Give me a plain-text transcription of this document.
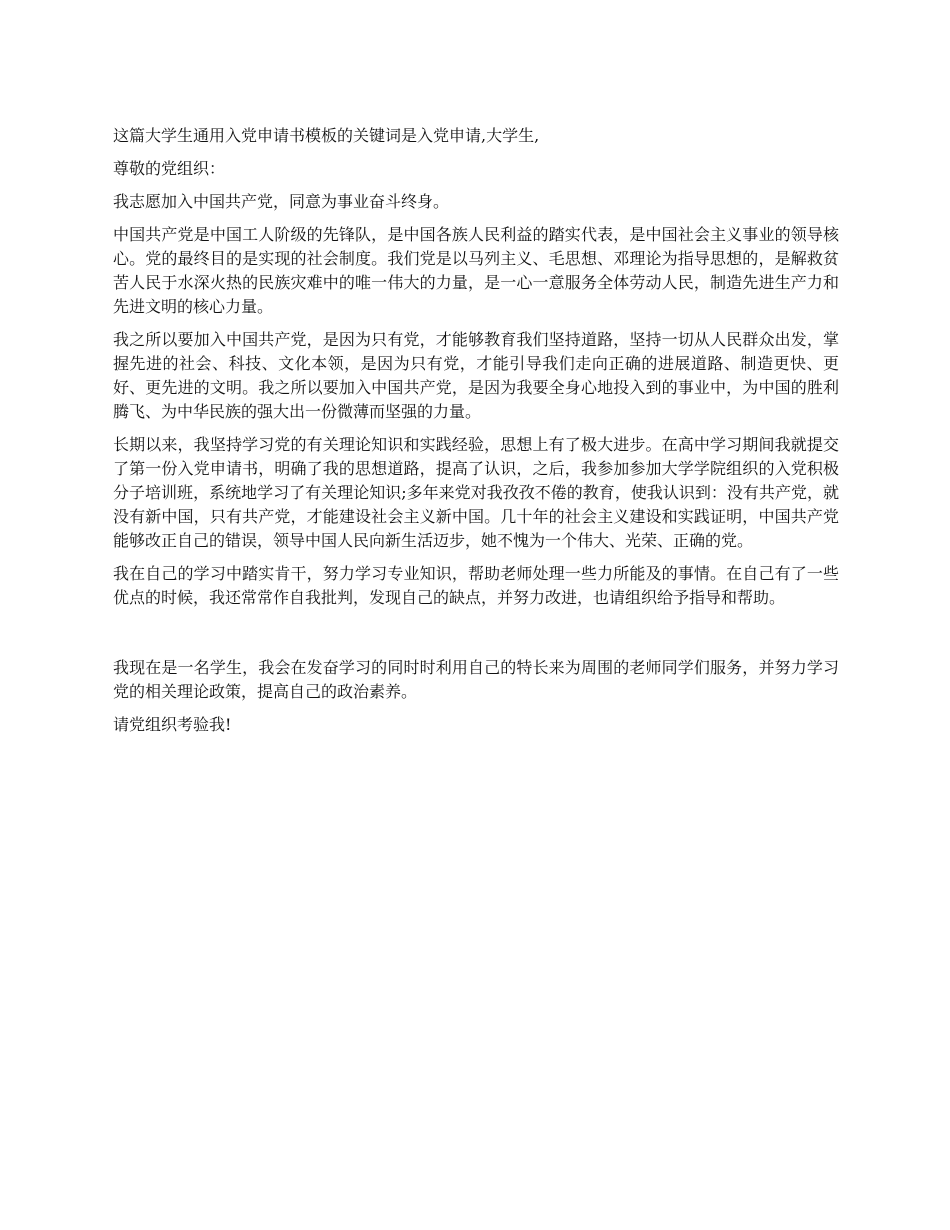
这篇大学生通用入党申请书模板的关键词是入党申请,大学生,

尊敬的党组织：

我志愿加入中国共产党，同意为事业奋斗终身。

中国共产党是中国工人阶级的先锋队，是中国各族人民利益的踏实代表，是中国社会主义事业的领导核心。党的最终目的是实现的社会制度。我们党是以马列主义、毛思想、邓理论为指导思想的，是解救贫苦人民于水深火热的民族灾难中的唯一伟大的力量，是一心一意服务全体劳动人民，制造先进生产力和先进文明的核心力量。

我之所以要加入中国共产党，是因为只有党，才能够教育我们坚持道路，坚持一切从人民群众出发，掌握先进的社会、科技、文化本领，是因为只有党，才能引导我们走向正确的进展道路、制造更快、更好、更先进的文明。我之所以要加入中国共产党，是因为我要全身心地投入到的事业中，为中国的胜利腾飞、为中华民族的强大出一份微薄而坚强的力量。

长期以来，我坚持学习党的有关理论知识和实践经验，思想上有了极大进步。在高中学习期间我就提交了第一份入党申请书，明确了我的思想道路，提高了认识，之后，我参加参加大学学院组织的入党积极分子培训班，系统地学习了有关理论知识;多年来党对我孜孜不倦的教育，使我认识到：没有共产党，就没有新中国，只有共产党，才能建设社会主义新中国。几十年的社会主义建设和实践证明，中国共产党能够改正自己的错误，领导中国人民向新生活迈步，她不愧为一个伟大、光荣、正确的党。

我在自己的学习中踏实肯干，努力学习专业知识，帮助老师处理一些力所能及的事情。在自己有了一些优点的时候，我还常常作自我批判，发现自己的缺点，并努力改进，也请组织给予指导和帮助。

我现在是一名学生，我会在发奋学习的同时时利用自己的特长来为周围的老师同学们服务，并努力学习党的相关理论政策，提高自己的政治素养。

请党组织考验我!
